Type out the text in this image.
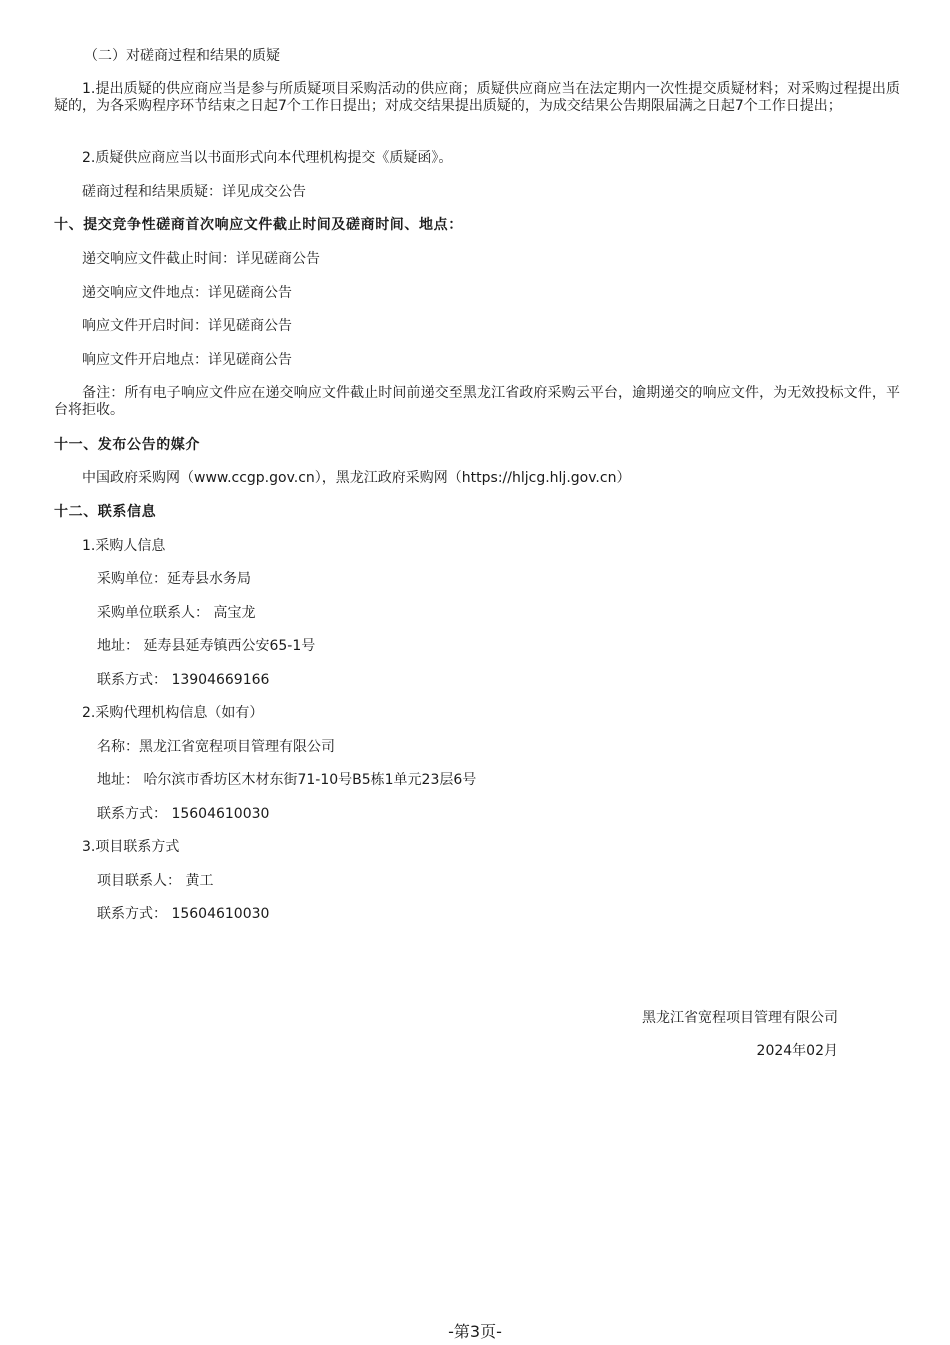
（二）对磋商过程和结果的质疑
1.提出质疑的供应商应当是参与所质疑项目采购活动的供应商；质疑供应商应当在法定期内一次性提交质疑材料；对采购过程提出质疑的，为各采购程序环节结束之日起7个工作日提出；对成交结果提出质疑的，为成交结果公告期限届满之日起7个工作日提出；
2.质疑供应商应当以书面形式向本代理机构提交《质疑函》。
磋商过程和结果质疑：详见成交公告
十、提交竞争性磋商首次响应文件截止时间及磋商时间、地点：
递交响应文件截止时间：详见磋商公告
递交响应文件地点：详见磋商公告
响应文件开启时间：详见磋商公告
响应文件开启地点：详见磋商公告
备注：所有电子响应文件应在递交响应文件截止时间前递交至黑龙江省政府采购云平台，逾期递交的响应文件，为无效投标文件，平台将拒收。
十一、发布公告的媒介
中国政府采购网（www.ccgp.gov.cn），黑龙江政府采购网（https://hljcg.hlj.gov.cn）
十二、联系信息
1.采购人信息
采购单位：延寿县水务局
采购单位联系人： 高宝龙
地址： 延寿县延寿镇西公安65-1号
联系方式： 13904669166
2.采购代理机构信息（如有）
名称：黑龙江省宽程项目管理有限公司
地址： 哈尔滨市香坊区木材东街71-10号B5栋1单元23层6号
联系方式： 15604610030
3.项目联系方式
项目联系人： 黄工
联系方式： 15604610030
黑龙江省宽程项目管理有限公司
2024年02月
-第3页-
